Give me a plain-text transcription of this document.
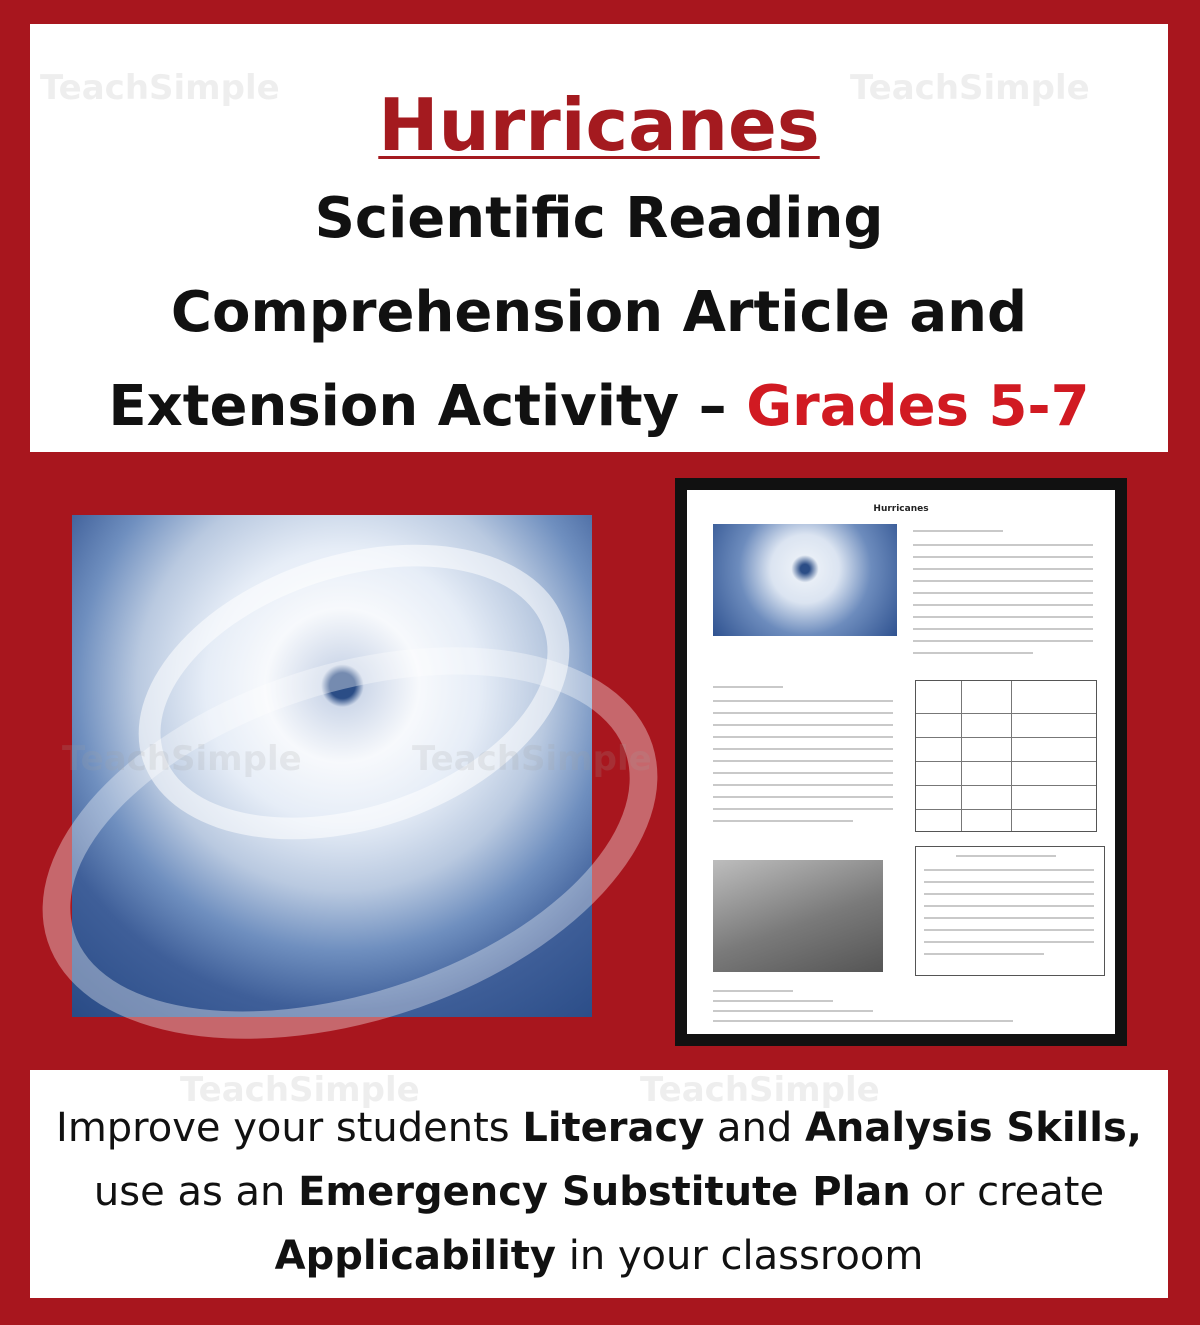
TeachSimple	TeachSimple
Hurricanes
Scientific Reading
Comprehension Article and
Extension Activity – Grades 5-7
TeachSimple	TeachSimple
Hurricanes
TeachSimple	TeachSimple
Improve your students Literacy and Analysis Skills, use as an Emergency Substitute Plan or create Applicability in your classroom
